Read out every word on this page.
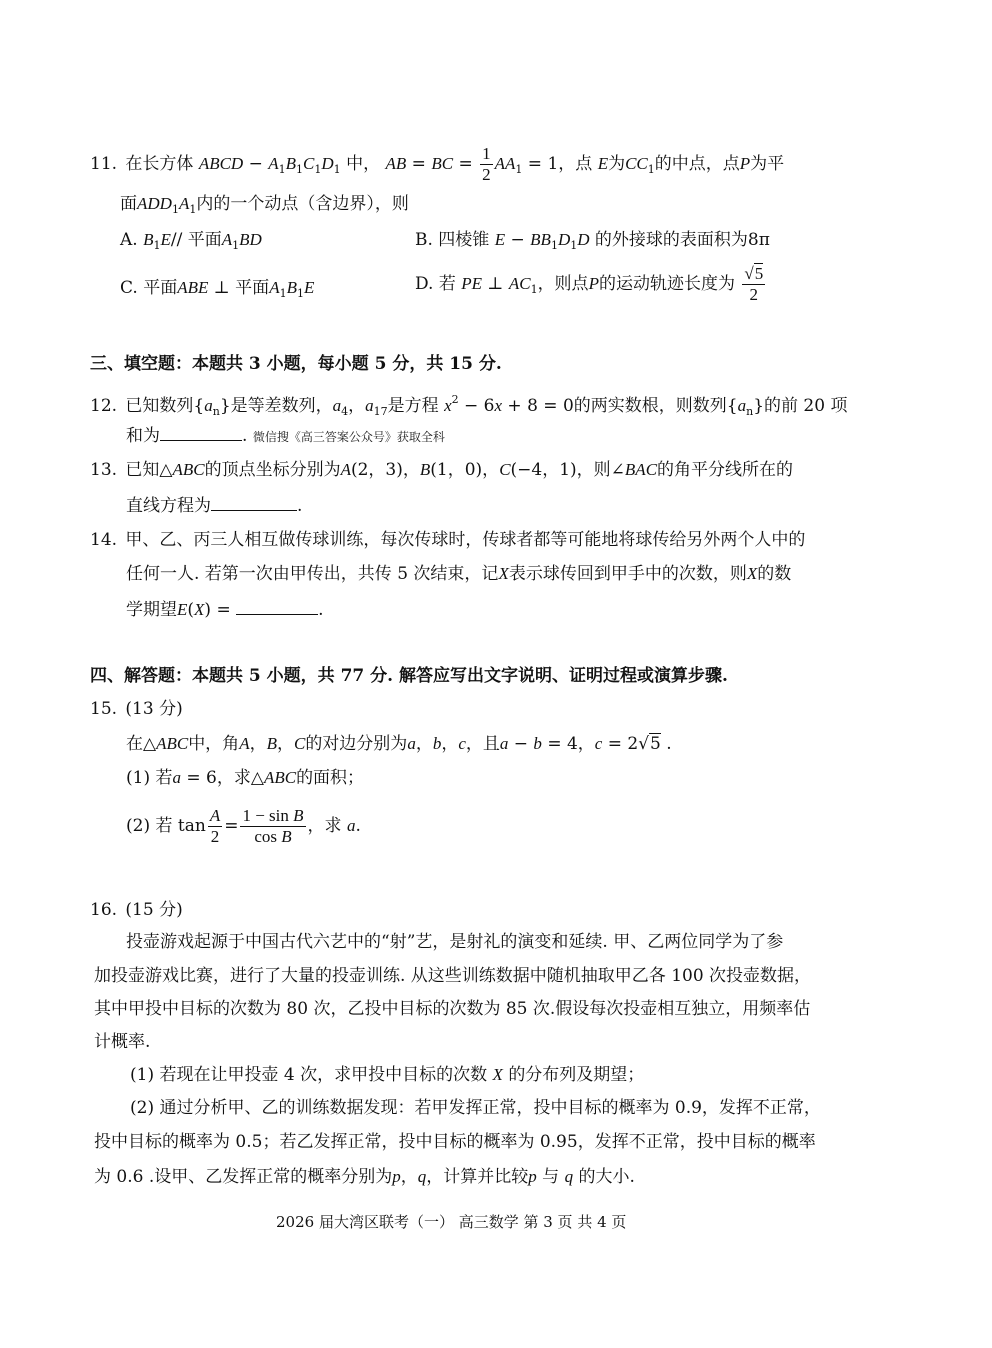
11. 在长方体 ABCD − $A_1B_1C_1D_1$ 中， AB = BC = $\frac{1}{2} AA_1 = 1$，点 E为$CC_1$的中点，点P为平
面$ADD_1A_1$内的一个动点（含边界），则
A. $B_1E//$ 平面$A_1BD$	B. 四棱锥 $E - BB_1D_1D$ 的外接球的表面积为8π
C. 平面ABE ⊥ 平面$A_1B_1E$	D. 若 PE ⊥ $AC_1$，则点P的运动轨迹长度为 $\frac{√5}{2}$
三、填空题：本题共 3 小题，每小题 5 分，共 15 分.
12. 已知数列$\{a_n\}$是等差数列，$a_4$，$a_{17}$是方程 $x^2 - 6x + 8 = 0$的两实数根，则数列$\{a_n\}$的前 20 项
和为	. 微信搜《高三答案公众号》获取全科
13. 已知△ABC的顶点坐标分别为A(2，3)，B(1，0)，C(−4，1)，则∠BAC的角平分线所在的
直线方程为	.
14. 甲、乙、丙三人相互做传球训练，每次传球时，传球者都等可能地将球传给另外两个人中的
任何一人. 若第一次由甲传出，共传 5 次结束，记X表示球传回到甲手中的次数，则X的数
学期望E(X) =	.
四、解答题：本题共 5 小题，共 77 分. 解答应写出文字说明、证明过程或演算步骤.
15. (13 分)
在△ABC中，角A，B，C的对边分别为a，b，c，且a − b = 4，c = 2√5 .
(1) 若a = 6，求△ABC的面积；
(2) 若 $\tan \frac{A}{2} = \frac{\text{1 − sin B}}{\text{cos B}}$ ，求 a.
16. (15 分)
投壶游戏起源于中国古代六艺中的“射”艺，是射礼的演变和延续. 甲、乙两位同学为了参
加投壶游戏比赛，进行了大量的投壶训练. 从这些训练数据中随机抽取甲乙各 100 次投壶数据，
其中甲投中目标的次数为 80 次，乙投中目标的次数为 85 次.假设每次投壶相互独立，用频率估
计概率.
(1) 若现在让甲投壶 4 次，求甲投中目标的次数 X 的分布列及期望；
(2) 通过分析甲、乙的训练数据发现：若甲发挥正常，投中目标的概率为 0.9，发挥不正常，
投中目标的概率为 0.5；若乙发挥正常，投中目标的概率为 0.95，发挥不正常，投中目标的概率
为 0.6 .设甲、乙发挥正常的概率分别为p，q，计算并比较p 与 q 的大小.
2026 届大湾区联考（一） 高三数学 第 3 页 共 4 页
